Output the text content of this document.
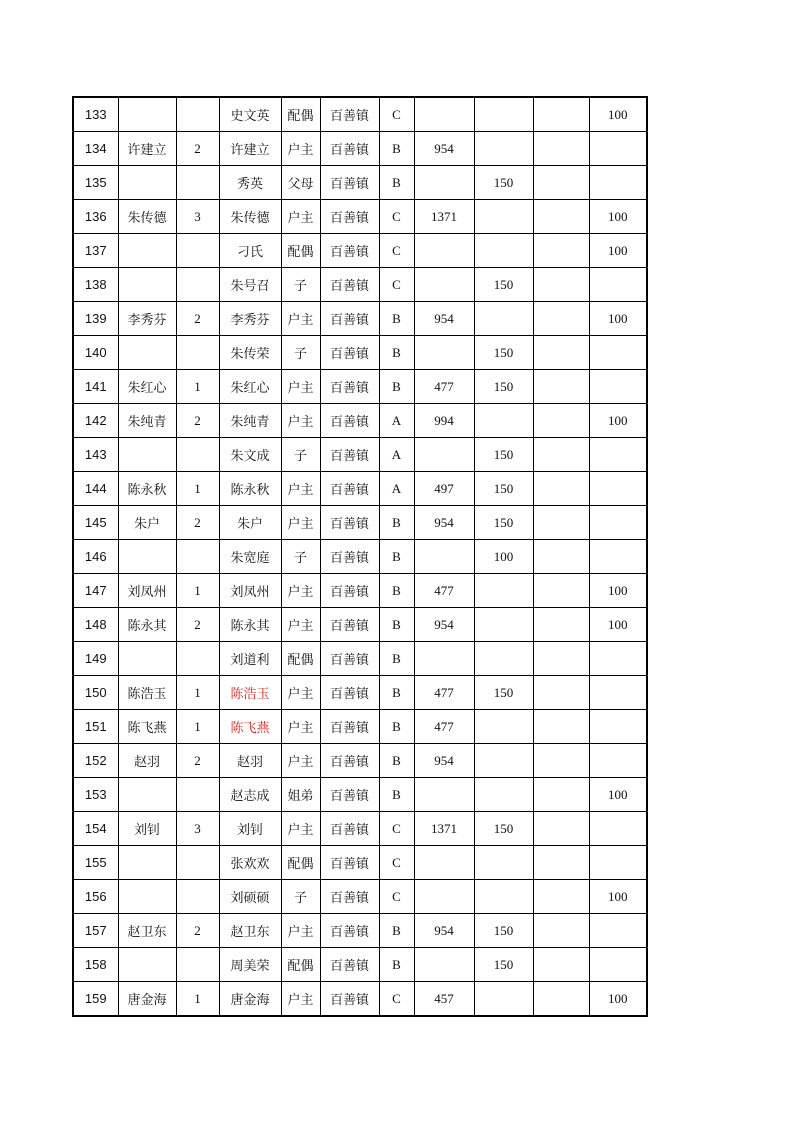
133			史文英	配偶	百善镇	C				100
134	许建立	2	许建立	户主	百善镇	B	954			
135			秀英	父母	百善镇	B		150		
136	朱传德	3	朱传德	户主	百善镇	C	1371			100
137			刁氏	配偶	百善镇	C				100
138			朱号召	子	百善镇	C		150		
139	李秀芬	2	李秀芬	户主	百善镇	B	954			100
140			朱传荣	子	百善镇	B		150		
141	朱红心	1	朱红心	户主	百善镇	B	477	150		
142	朱纯青	2	朱纯青	户主	百善镇	A	994			100
143			朱文成	子	百善镇	A		150		
144	陈永秋	1	陈永秋	户主	百善镇	A	497	150		
145	朱户	2	朱户	户主	百善镇	B	954	150		
146			朱宽庭	子	百善镇	B		100		
147	刘凤州	1	刘凤州	户主	百善镇	B	477			100
148	陈永其	2	陈永其	户主	百善镇	B	954			100
149			刘道利	配偶	百善镇	B				
150	陈浩玉	1	陈浩玉	户主	百善镇	B	477	150		
151	陈飞燕	1	陈飞燕	户主	百善镇	B	477			
152	赵羽	2	赵羽	户主	百善镇	B	954			
153			赵志成	姐弟	百善镇	B				100
154	刘钊	3	刘钊	户主	百善镇	C	1371	150		
155			张欢欢	配偶	百善镇	C				
156			刘硕硕	子	百善镇	C				100
157	赵卫东	2	赵卫东	户主	百善镇	B	954	150		
158			周美荣	配偶	百善镇	B		150		
159	唐金海	1	唐金海	户主	百善镇	C	457			100
